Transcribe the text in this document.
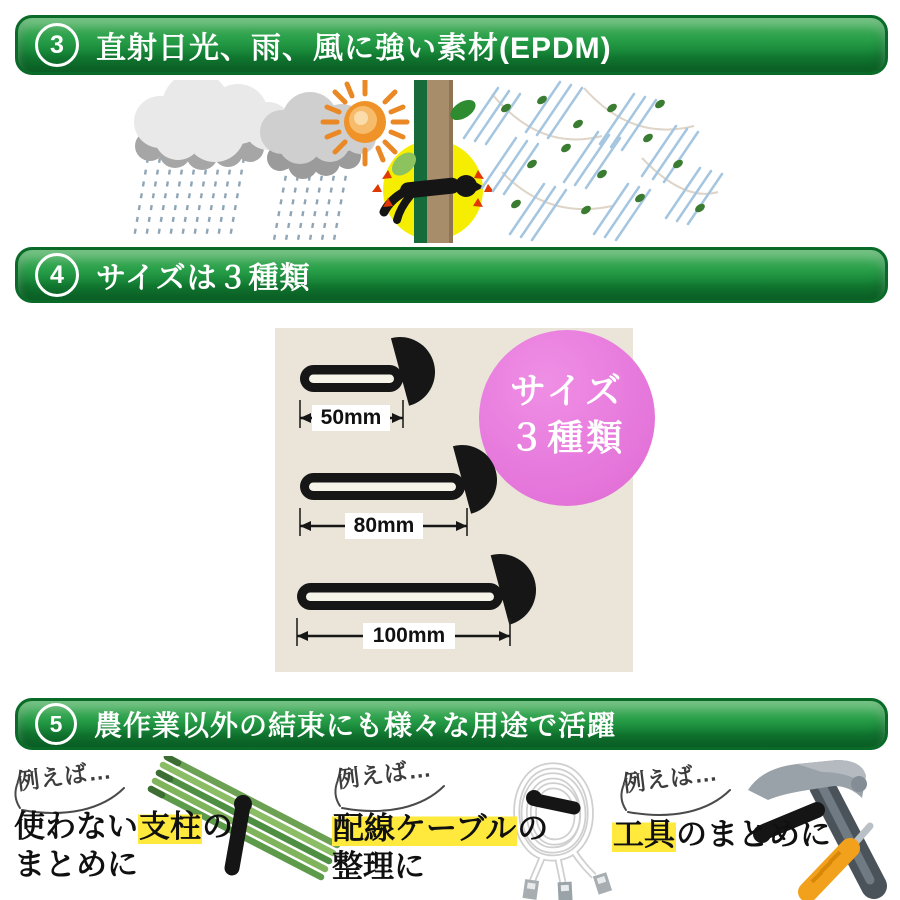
3	直射日光、雨、風に強い素材(EPDM)
4	サイズは３種類
サイズ
３種類
50mm
80mm
100mm
5	農作業以外の結束にも様々な用途で活躍
例えば…
使わない支柱の
まとめに
例えば…
配線ケーブルの
整理に
例えば…
工具のまとめに
